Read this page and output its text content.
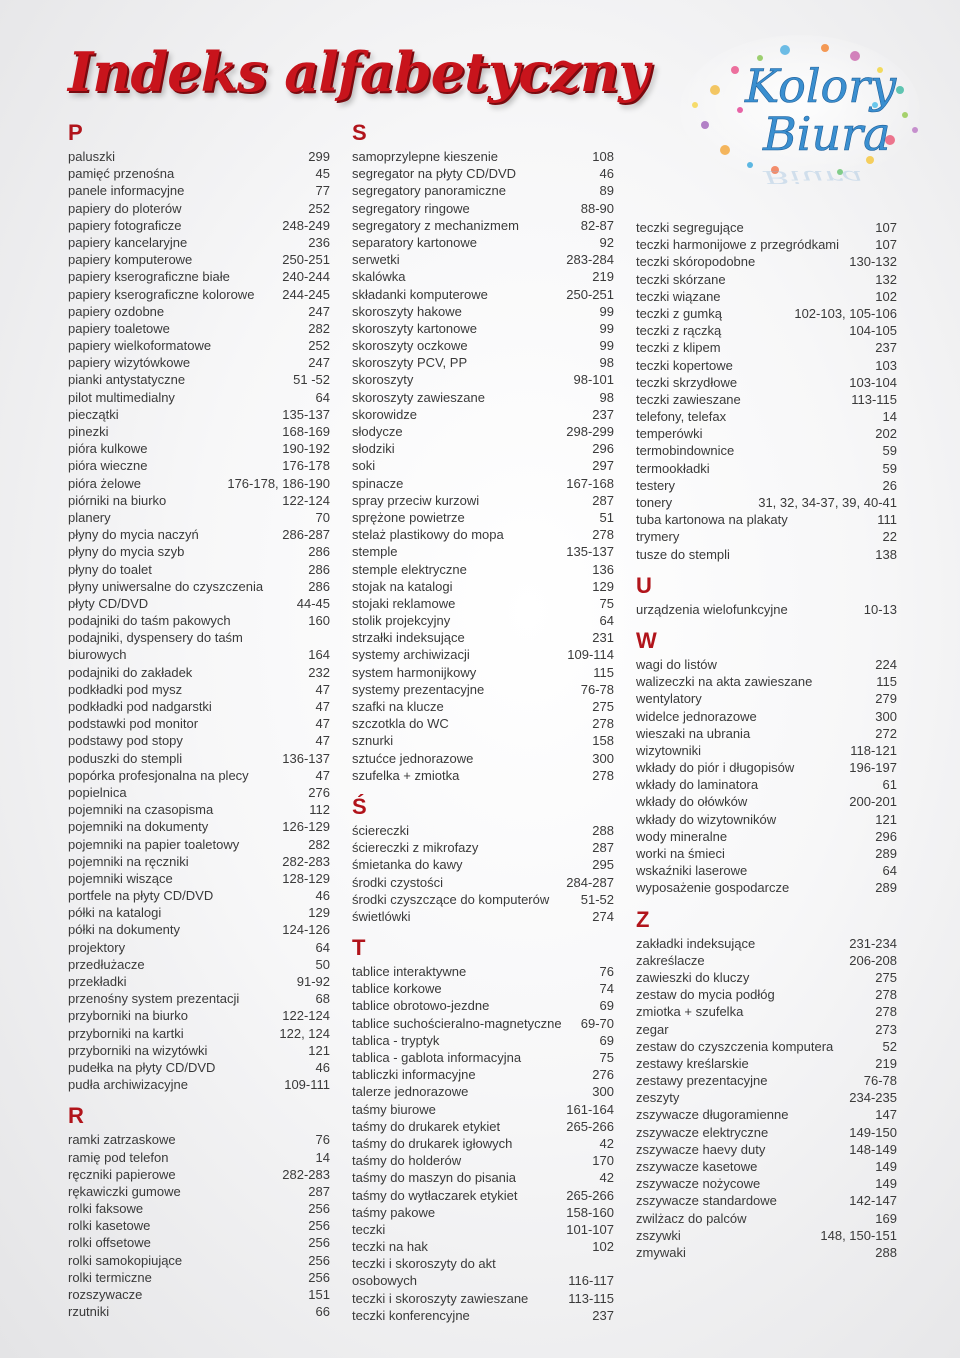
Indeks alfabetyczny Kolory
Biura
Biura
P
paluszki	299
pamięć przenośna	45
panele informacyjne	77
papiery do ploterów	252
papiery fotograficze	248-249
papiery kancelaryjne	236
papiery komputerowe	250-251
papiery kserograficzne białe	240-244
papiery kserograficzne kolorowe	244-245
papiery ozdobne	247
papiery toaletowe	282
papiery wielkoformatowe	252
papiery wizytówkowe	247
pianki antystatyczne	51 -52
pilot multimedialny	64
pieczątki	135-137
pinezki	168-169
pióra kulkowe	190-192
pióra wieczne	176-178
pióra żelowe	176-178, 186-190
piórniki na biurko	122-124
planery	70
płyny do mycia naczyń	286-287
płyny do mycia szyb	286
płyny do toalet	286
płyny uniwersalne do czyszczenia	286
płyty CD/DVD	44-45
podajniki do taśm pakowych	160
podajniki, dyspensery do taśm
biurowych	164
podajniki do zakładek	232
podkładki pod mysz	47
podkładki pod nadgarstki	47
podstawki pod monitor	47
podstawy pod stopy	47
poduszki do stempli	136-137
popórka profesjonalna na plecy	47
popielnica	276
pojemniki na czasopisma	112
pojemniki na dokumenty	126-129
pojemniki na papier toaletowy	282
pojemniki na ręczniki	282-283
pojemniki wiszące	128-129
portfele na płyty CD/DVD	46
półki na katalogi	129
półki na dokumenty	124-126
projektory	64
przedłużacze	50
przekładki	91-92
przenośny system prezentacji	68
przyborniki na biurko	122-124
przyborniki na kartki	122, 124
przyborniki na wizytówki	121
pudełka na płyty CD/DVD	46
pudła archiwizacyjne	109-111
R
ramki zatrzaskowe	76
ramię pod telefon	14
ręczniki papierowe	282-283
rękawiczki gumowe	287
rolki faksowe	256
rolki kasetowe	256
rolki offsetowe	256
rolki samokopiujące	256
rolki termiczne	256
rozszywacze	151
rzutniki	66
S
samoprzylepne kieszenie	108
segregator na płyty CD/DVD	46
segregatory panoramiczne	89
segregatory ringowe	88-90
segregatory z mechanizmem	82-87
separatory kartonowe	92
serwetki	283-284
skalówka	219
składanki komputerowe	250-251
skoroszyty hakowe	99
skoroszyty kartonowe	99
skoroszyty oczkowe	99
skoroszyty PCV, PP	98
skoroszyty	98-101
skoroszyty zawieszane	98
skorowidze	237
słodycze	298-299
słodziki	296
soki	297
spinacze	167-168
spray przeciw kurzowi	287
sprężone powietrze	51
stelaż plastikowy do mopa	278
stemple	135-137
stemple elektryczne	136
stojak na katalogi	129
stojaki reklamowe	75
stolik projekcyjny	64
strzałki indeksujące	231
systemy archiwizacji	109-114
system harmonijkowy	115
systemy prezentacyjne	76-78
szafki na klucze	275
szczotkla do WC	278
sznurki	158
sztućce jednorazowe	300
szufelka + zmiotka	278
Ś
ściereczki	288
ściereczki z mikrofazy	287
śmietanka do kawy	295
środki czystości	284-287
środki czyszczące do komputerów	51-52
świetlówki	274
T
tablice interaktywne	76
tablice korkowe	74
tablice obrotowo-jezdne	69
tablice suchościeralno-magnetyczne	69-70
tablica - tryptyk	69
tablica - gablota informacyjna	75
tabliczki informacyjne	276
talerze jednorazowe	300
taśmy biurowe	161-164
taśmy do drukarek etykiet	265-266
taśmy do drukarek igłowych	42
taśmy do holderów	170
taśmy do maszyn do pisania	42
taśmy do wytłaczarek etykiet	265-266
taśmy pakowe	158-160
teczki	101-107
teczki na hak	102
teczki i skoroszyty do akt
osobowych	116-117
teczki i skoroszyty zawieszane	113-115
teczki konferencyjne	237
teczki segregujące	107
teczki harmonijowe z przegródkami	107
teczki skóropodobne	130-132
teczki skórzane	132
teczki wiązane	102
teczki z gumką	102-103, 105-106
teczki z rączką	104-105
teczki z klipem	237
teczki kopertowe	103
teczki skrzydłowe	103-104
teczki zawieszane	113-115
telefony, telefax	14
temperówki	202
termobindownice	59
termookładki	59
testery	26
tonery	31, 32, 34-37, 39, 40-41
tuba kartonowa na plakaty	111
trymery	22
tusze do stempli	138
U
urządzenia wielofunkcyjne	10-13
W
wagi do listów	224
walizeczki na akta zawieszane	115
wentylatory	279
widelce jednorazowe	300
wieszaki na ubrania	272
wizytowniki	118-121
wkłady do piór i długopisów	196-197
wkłady do laminatora	61
wkłady do ołówków	200-201
wkłady do wizytowników	121
wody mineralne	296
worki na śmieci	289
wskaźniki laserowe	64
wyposażenie gospodarcze	289
Z
zakładki indeksujące	231-234
zakreślacze	206-208
zawieszki do kluczy	275
zestaw do mycia podłóg	278
zmiotka + szufelka	278
zegar	273
zestaw do czyszczenia komputera	52
zestawy kreślarskie	219
zestawy prezentacyjne	76-78
zeszyty	234-235
zszywacze długoramienne	147
zszywacze elektryczne	149-150
zszywacze haevy duty	148-149
zszywacze kasetowe	149
zszywacze nożycowe	149
zszywacze standardowe	142-147
zwilżacz do palców	169
zszywki	148, 150-151
zmywaki	288
